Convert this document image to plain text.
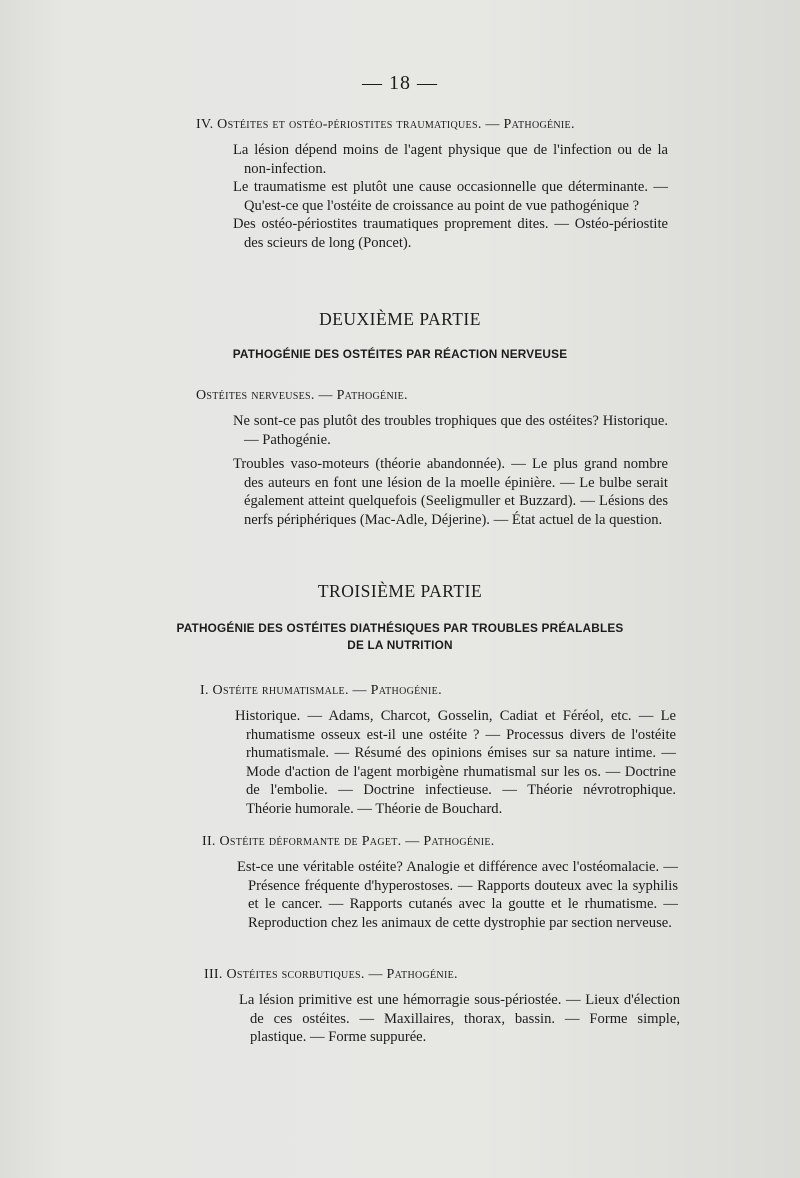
— 18 —
IV. Ostéites et ostéo-périostites traumatiques. — Pathogénie.

La lésion dépend moins de l'agent physique que de l'infection ou de la non-infection.

Le traumatisme est plutôt une cause occasionnelle que déterminante. — Qu'est-ce que l'ostéite de croissance au point de vue pathogénique ?

Des ostéo-périostites traumatiques proprement dites. — Ostéo-périostite des scieurs de long (Poncet).

DEUXIÈME PARTIE
PATHOGÉNIE DES OSTÉITES PAR RÉACTION NERVEUSE
Ostéites nerveuses. — Pathogénie.

Ne sont-ce pas plutôt des troubles trophiques que des ostéites? Historique. — Pathogénie.

Troubles vaso-moteurs (théorie abandonnée). — Le plus grand nombre des auteurs en font une lésion de la moelle épinière. — Le bulbe serait également atteint quelquefois (Seeligmuller et Buzzard). — Lésions des nerfs périphériques (Mac-Adle, Déjerine). — État actuel de la question.

TROISIÈME PARTIE
PATHOGÉNIE DES OSTÉITES DIATHÉSIQUES PAR TROUBLES PRÉALABLES
DE LA NUTRITION
I. Ostéite rhumatismale. — Pathogénie.

Historique. — Adams, Charcot, Gosselin, Cadiat et Féréol, etc. — Le rhumatisme osseux est-il une ostéite ? — Processus divers de l'ostéite rhumatismale. — Résumé des opinions émises sur sa nature intime. — Mode d'action de l'agent morbigène rhumatismal sur les os. — Doctrine de l'embolie. — Doctrine infectieuse. — Théorie névrotrophique. Théorie humorale. — Théorie de Bouchard.

II. Ostéite déformante de Paget. — Pathogénie.

Est-ce une véritable ostéite? Analogie et différence avec l'ostéomalacie. — Présence fréquente d'hyperostoses. — Rapports douteux avec la syphilis et le cancer. — Rapports cutanés avec la goutte et le rhumatisme. — Reproduction chez les animaux de cette dystrophie par section nerveuse.

III. Ostéites scorbutiques. — Pathogénie.

La lésion primitive est une hémorragie sous-périostée. — Lieux d'élection de ces ostéites. — Maxillaires, thorax, bassin. — Forme simple, plastique. — Forme suppurée.
